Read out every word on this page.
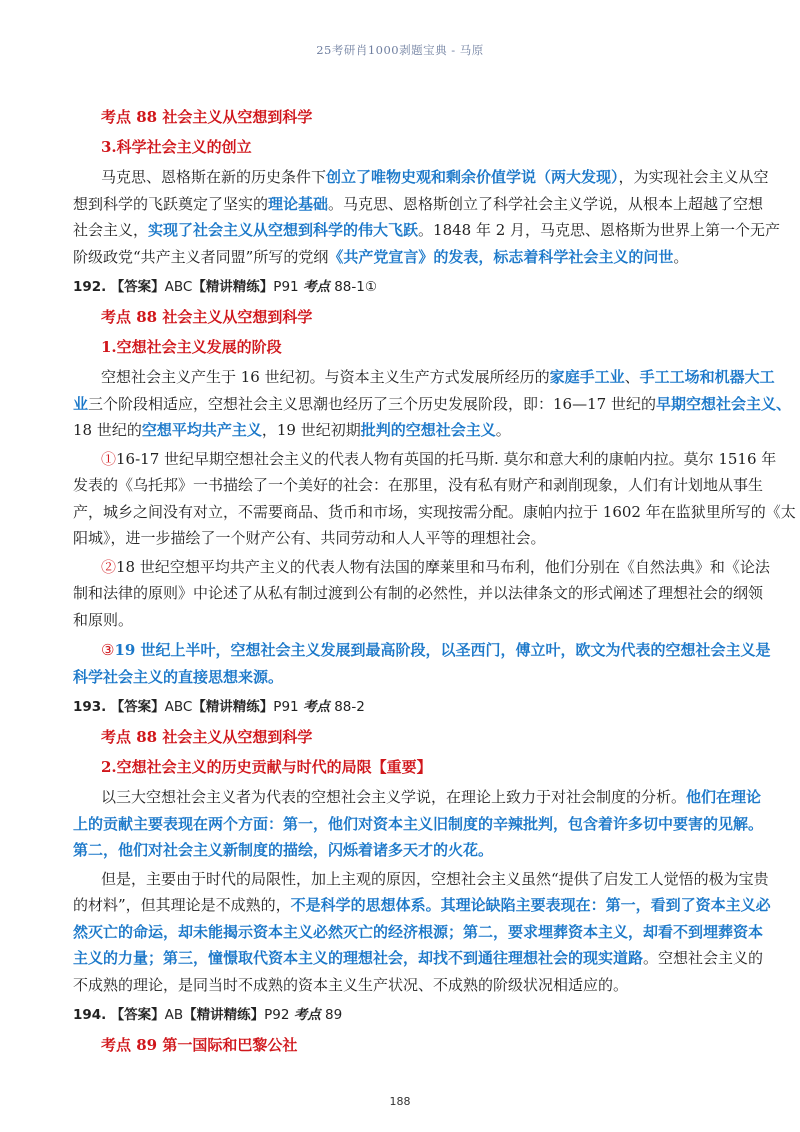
25考研肖1000剥题宝典 - 马原
考点 88 社会主义从空想到科学
3.科学社会主义的创立
马克思、恩格斯在新的历史条件下创立了唯物史观和剩余价值学说（两大发现），为实现社会主义从空
想到科学的飞跃奠定了坚实的理论基础。马克思、恩格斯创立了科学社会主义学说，从根本上超越了空想
社会主义，实现了社会主义从空想到科学的伟大飞跃。1848 年 2 月，马克思、恩格斯为世界上第一个无产
阶级政党“共产主义者同盟”所写的党纲《共产党宣言》的发表，标志着科学社会主义的问世。
192. 【答案】ABC【精讲精练】P91 考点 88-1①
考点 88 社会主义从空想到科学
1.空想社会主义发展的阶段
空想社会主义产生于 16 世纪初。与资本主义生产方式发展所经历的家庭手工业、手工工场和机器大工
业三个阶段相适应，空想社会主义思潮也经历了三个历史发展阶段，即：16—17 世纪的早期空想社会主义、
18 世纪的空想平均共产主义，19 世纪初期批判的空想社会主义。
①16-17 世纪早期空想社会主义的代表人物有英国的托马斯. 莫尔和意大利的康帕内拉。莫尔 1516 年
发表的《乌托邦》一书描绘了一个美好的社会：在那里，没有私有财产和剥削现象，人们有计划地从事生
产，城乡之间没有对立，不需要商品、货币和市场，实现按需分配。康帕内拉于 1602 年在监狱里所写的《太
阳城》，进一步描绘了一个财产公有、共同劳动和人人平等的理想社会。
②18 世纪空想平均共产主义的代表人物有法国的摩莱里和马布利，他们分别在《自然法典》和《论法
制和法律的原则》中论述了从私有制过渡到公有制的必然性，并以法律条文的形式阐述了理想社会的纲领
和原则。
③19 世纪上半叶，空想社会主义发展到最高阶段，以圣西门，傅立叶，欧文为代表的空想社会主义是
科学社会主义的直接思想来源。
193. 【答案】ABC【精讲精练】P91 考点 88-2
考点 88 社会主义从空想到科学
2.空想社会主义的历史贡献与时代的局限【重要】
以三大空想社会主义者为代表的空想社会主义学说，在理论上致力于对社会制度的分析。他们在理论
上的贡献主要表现在两个方面：第一，他们对资本主义旧制度的辛辣批判，包含着许多切中要害的见解。
第二，他们对社会主义新制度的描绘，闪烁着诸多天才的火花。
但是，主要由于时代的局限性，加上主观的原因，空想社会主义虽然“提供了启发工人觉悟的极为宝贵
的材料”，但其理论是不成熟的，不是科学的思想体系。其理论缺陷主要表现在：第一，看到了资本主义必
然灭亡的命运，却未能揭示资本主义必然灭亡的经济根源；第二，要求埋葬资本主义，却看不到埋葬资本
主义的力量；第三，憧憬取代资本主义的理想社会，却找不到通往理想社会的现实道路。空想社会主义的
不成熟的理论，是同当时不成熟的资本主义生产状况、不成熟的阶级状况相适应的。
194. 【答案】AB【精讲精练】P92 考点 89
考点 89 第一国际和巴黎公社
188
